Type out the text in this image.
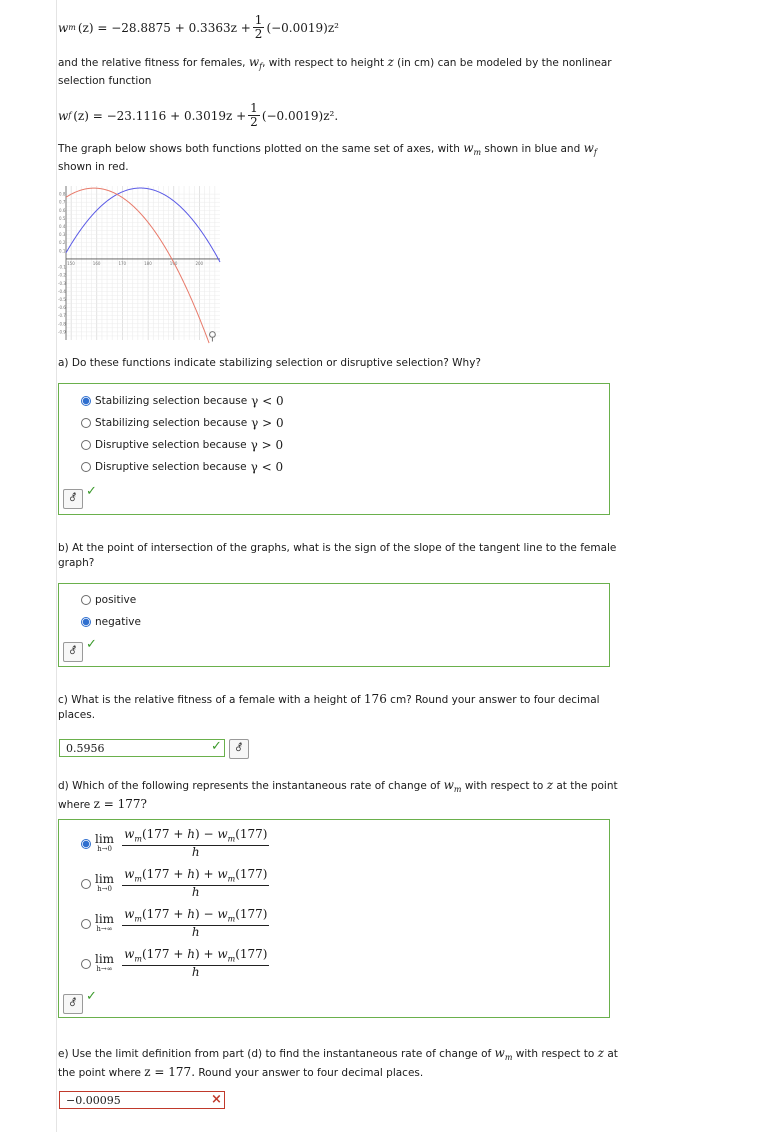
w m $(z) = -28.8875 + 0.3363z + \frac{1}{2} (-0.0019)z^2$
and the relative fitness for females, $w_f$, with respect to height z (in cm) can be modeled by the nonlinear selection function
w f $(z) = -23.1116 + 0.3019z + \frac{1}{2} (-0.0019)z^2$.
The graph below shows both functions plotted on the same set of axes, with $w_m$ shown in blue and $w_f$ shown in red.
150	160	170	180	190	200
0.8
0.7
0.6
0.5
0.4
0.3
0.2
0.1
-0.1
-0.2
-0.3
-0.4
-0.5
-0.6
-0.7
-0.8
-0.9	⚲
a) Do these functions indicate stabilizing selection or disruptive selection? Why?
Stabilizing selection because γ < 0
Stabilizing selection because γ > 0
Disruptive selection because γ > 0
Disruptive selection because γ < 0
⚦ ✓
b) At the point of intersection of the graphs, what is the sign of the slope of the tangent line to the female graph?
positive
negative
⚦ ✓
c) What is the relative fitness of a female with a height of 176 cm? Round your answer to four decimal places.
0.5956	✓	⚦
d) Which of the following represents the instantaneous rate of change of $w_m$ with respect to z at the point where z = 177?
lim
$h\to 0 \frac{w_m(177 + h) - w_m(177)}{h}$
lim
$h\to 0 \frac{w_m(177 + h) + w_m(177)}{h}$
lim
$h\to\infty \frac{w_m(177 + h) - w_m(177)}{h}$
lim
$h\to\infty \frac{w_m(177 + h) + w_m(177)}{h}$
⚦ ✓
e) Use the limit definition from part (d) to find the instantaneous rate of change of $w_m$ with respect to z at the point where z = 177. Round your answer to four decimal places.
−0.00095	×
